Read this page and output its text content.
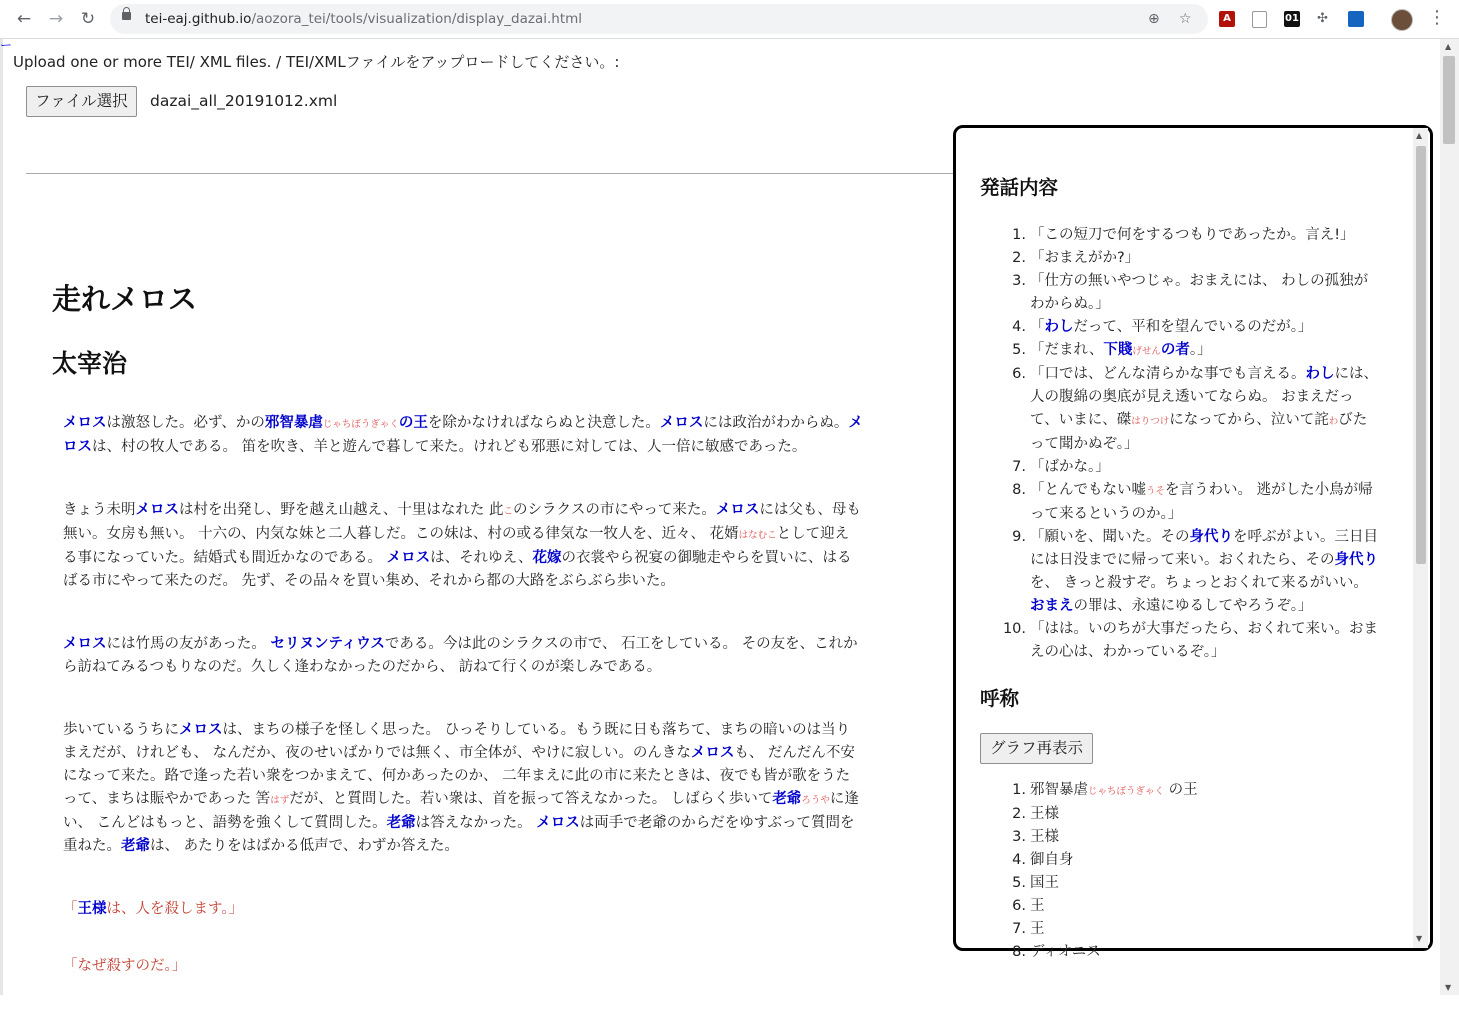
← → ↻	tei-eaj.github.io/aozora_tei/tools/visualization/display_dazai.html	⊕ ☆	A	01 ✣	⋮
ー
Upload one or more TEI/ XML files. / TEI/XMLファイルをアップロードしてください。:
ファイル選択	dazai_all_20191012.xml
走れメロス
太宰治

メロスは激怒した。必ず、かの邪智暴虐じゃちぼうぎゃくの王を除かなければならぬと決意した。メロスには政治がわからぬ。メロスは、村の牧人である。 笛を吹き、羊と遊んで暮して来た。けれども邪悪に対しては、人一倍に敏感であった。

きょう未明メロスは村を出発し、野を越え山越え、十里はなれた 此このシラクスの市にやって来た。メロスには父も、母も無い。女房も無い。 十六の、内気な妹と二人暮しだ。この妹は、村の或る律気な一牧人を、近々、 花婿はなむことして迎える事になっていた。結婚式も間近かなのである。 メロスは、それゆえ、花嫁の衣裳やら祝宴の御馳走やらを買いに、はるばる市にやって来たのだ。 先ず、その品々を買い集め、それから都の大路をぶらぶら歩いた。

メロスには竹馬の友があった。 セリヌンティウスである。今は此のシラクスの市で、 石工をしている。 その友を、これから訪ねてみるつもりなのだ。久しく逢わなかったのだから、 訪ねて行くのが楽しみである。

歩いているうちにメロスは、まちの様子を怪しく思った。 ひっそりしている。もう既に日も落ちて、まちの暗いのは当りまえだが、けれども、 なんだか、夜のせいばかりでは無く、市全体が、やけに寂しい。のんきなメロスも、 だんだん不安になって来た。路で逢った若い衆をつかまえて、何かあったのか、 二年まえに此の市に来たときは、夜でも皆が歌をうたって、まちは賑やかであった 筈はずだが、と質問した。若い衆は、首を振って答えなかった。 しばらく歩いて老爺ろうやに逢い、 こんどはもっと、語勢を強くして質問した。老爺は答えなかった。 メロスは両手で老爺のからだをゆすぶって質問を重ねた。老爺は、 あたりをはばかる低声で、わずか答えた。

「王様は、人を殺します。」

「なぜ殺すのだ。」

発話内容
1. 「この短刀で何をするつもりであったか。言え!」
2. 「おまえがか?」
3. 「仕方の無いやつじゃ。おまえには、 わしの孤独がわからぬ。」
4. 「わしだって、平和を望んでいるのだが。」
5. 「だまれ、下賤げせんの者。」
6. 「口では、どんな清らかな事でも言える。わしには、人の腹綿の奥底が見え透いてならぬ。 おまえだって、いまに、磔はりつけになってから、泣いて詫わびたって聞かぬぞ。」
7. 「ばかな。」
8. 「とんでもない嘘うそを言うわい。 逃がした小鳥が帰って来るというのか。」
9. 「願いを、聞いた。その身代りを呼ぶがよい。三日目には日没までに帰って来い。おくれたら、その身代りを、 きっと殺すぞ。ちょっとおくれて来るがいい。おまえの罪は、永遠にゆるしてやろうぞ。」
10. 「はは。いのちが大事だったら、おくれて来い。おまえの心は、わかっているぞ。」
呼称
グラフ再表示
1. 邪智暴虐じゃちぼうぎゃく の王
2. 王様
3. 王様
4. 御自身
5. 国王
6. 王
7. 王
8. ディオニス
▲
▼
▲
▼
